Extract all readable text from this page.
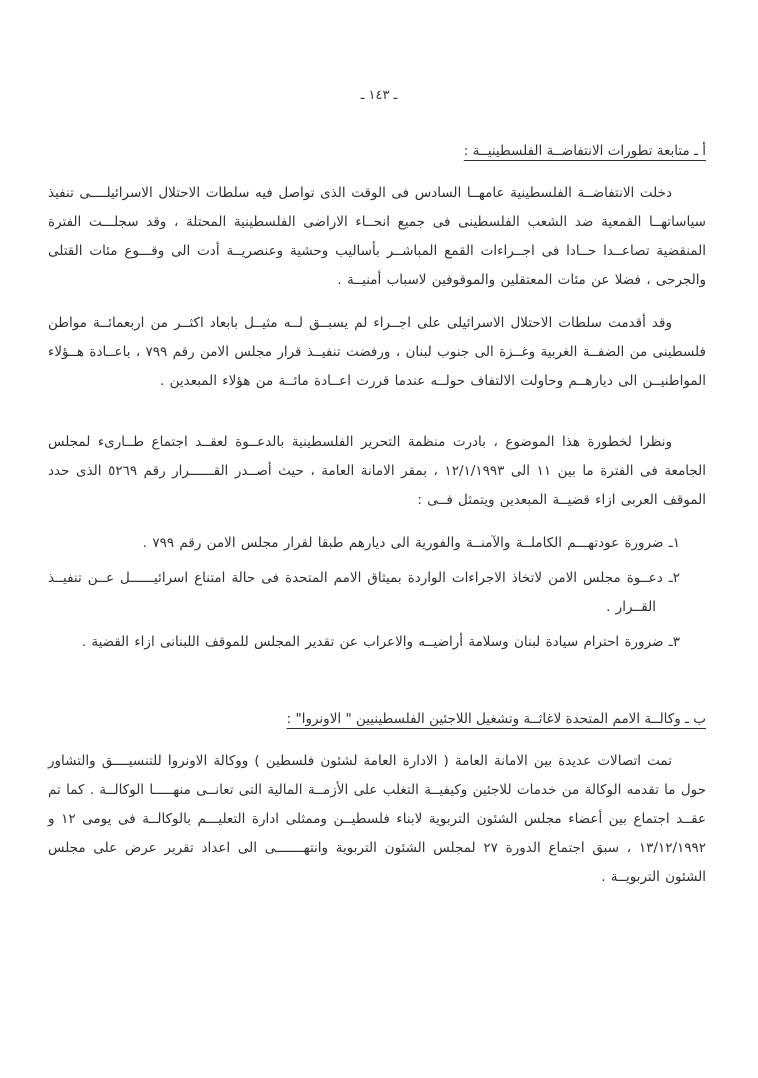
ـ ١٤٣ ـ
أ ـ متابعة تطورات الانتفاضــة الفلسطينيــة :

دخلت الانتفاضــة الفلسطينية عامهــا السادس فى الوقت الذى تواصل فيه سلطات الاحتلال الاسرائيلــــى تنفيذ سياساتهــا القمعية ضد الشعب الفلسطينى فى جميع انحــاء الاراضى الفلسطينية المحتلة ، وقد سجلـــت الفترة المنقضية تصاعــدا حــادا فى اجــراءات القمع المباشــر بأساليب وحشية وعنصريــة أدت الى وقـــوع مئات القتلى والجرحى ، فضلا عن مئات المعتقلين والموقوفين لاسباب أمنيــة .

وقد أقدمت سلطات الاحتلال الاسرائيلى على اجــراء لم يسبــق لــه مثيــل بابعاد اكثــر من اربعمائــة مواطن فلسطينى من الضفــة الغربية وغــزة الى جنوب لبنان ، ورفضت تنفيــذ قرار مجلس الامن رقم ٧٩٩ ، باعــادة هــؤلاء المواطنيــن الى ديارهــم وحاولت الالتفاف حولــه عندما قررت اعــادة مائــة من هؤلاء المبعدين .

ونظرا لخطورة هذا الموضوع ، بادرت منظمة التحرير الفلسطينية بالدعــوة لعقــد اجتماع طــارىء لمجلس الجامعة فى الفترة ما بين ١١ الى ١٢/١/١٩٩٣ ، بمقر الامانة العامة ، حيث أصــدر القــــــرار رقم ٥٢٦٩ الذى حدد الموقف العربى ازاء قضيــة المبعدين ويتمثل فــى :

١ـ ضرورة عودتهـــم الكاملــة والآمنــة والفورية الى ديارهم طبقا لقرار مجلس الامن رقم ٧٩٩ .
٢ـ دعــوة مجلس الامن لاتخاذ الاجراءات الواردة بميثاق الامم المتحدة فى حالة امتناع اسرائيــــــل عــن تنفيــذ القــرار .
٣ـ ضرورة احترام سيادة لبنان وسلامة أراضيــه والاعراب عن تقدير المجلس للموقف اللبنانى ازاء القضية .
ب ـ وكالــة الامم المتحدة لاغاثــة وتشغيل اللاجئين الفلسطينيين " الاونروا" :

تمت اتصالات عديدة بين الامانة العامة ( الادارة العامة لشئون فلسطين ) ووكالة الاونروا للتنسيــــق والتشاور حول ما تقدمه الوكالة من خدمات للاجئين وكيفيــة التغلب على الأزمــة المالية التى تعانــى منهـــــا الوكالــة . كما تم عقــد اجتماع بين أعضاء مجلس الشئون التربوية لابناء فلسطيــن وممثلى ادارة التعليـــم بالوكالــة فى يومى ١٢ و ١٣/١٢/١٩٩٢ ، سبق اجتماع الدورة ٢٧ لمجلس الشئون التربوية وانتهـــــــى الى اعداد تقرير عرض على مجلس الشئون التربويــة .
